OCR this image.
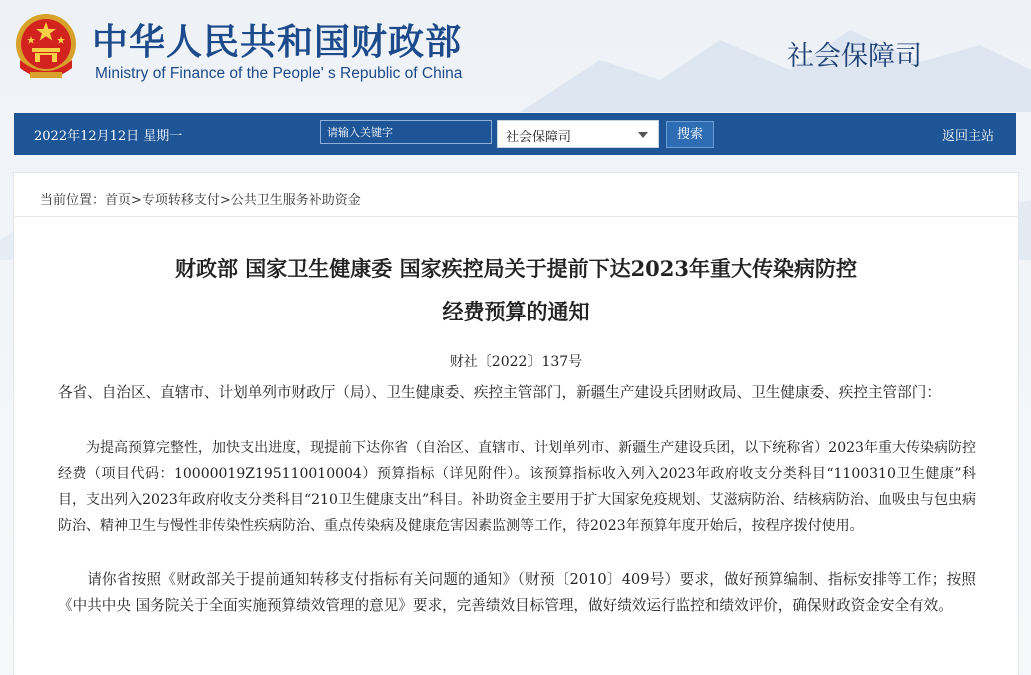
中华人民共和国财政部
Ministry of Finance of the People' s Republic of China
社会保障司
2022年12月12日 星期一
请输入关键字	社会保障司	搜索	返回主站
当前位置：首页>专项转移支付>公共卫生服务补助资金
财政部 国家卫生健康委 国家疾控局关于提前下达2023年重大传染病防控
经费预算的通知
财社〔2022〕137号

各省、自治区、直辖市、计划单列市财政厅（局）、卫生健康委、疾控主管部门，新疆生产建设兵团财政局、卫生健康委、疾控主管部门：

为提高预算完整性，加快支出进度，现提前下达你省（自治区、直辖市、计划单列市、新疆生产建设兵团，以下统称省）2023年重大传染病防控经费（项目代码：10000019Z195110010004）预算指标（详见附件）。该预算指标收入列入2023年政府收支分类科目“1100310卫生健康”科目，支出列入2023年政府收支分类科目“210卫生健康支出”科目。补助资金主要用于扩大国家免疫规划、艾滋病防治、结核病防治、血吸虫与包虫病防治、精神卫生与慢性非传染性疾病防治、重点传染病及健康危害因素监测等工作，待2023年预算年度开始后，按程序拨付使用。

请你省按照《财政部关于提前通知转移支付指标有关问题的通知》（财预〔2010〕409号）要求，做好预算编制、指标安排等工作；按照《中共中央 国务院关于全面实施预算绩效管理的意见》要求，完善绩效目标管理，做好绩效运行监控和绩效评价，确保财政资金安全有效。
